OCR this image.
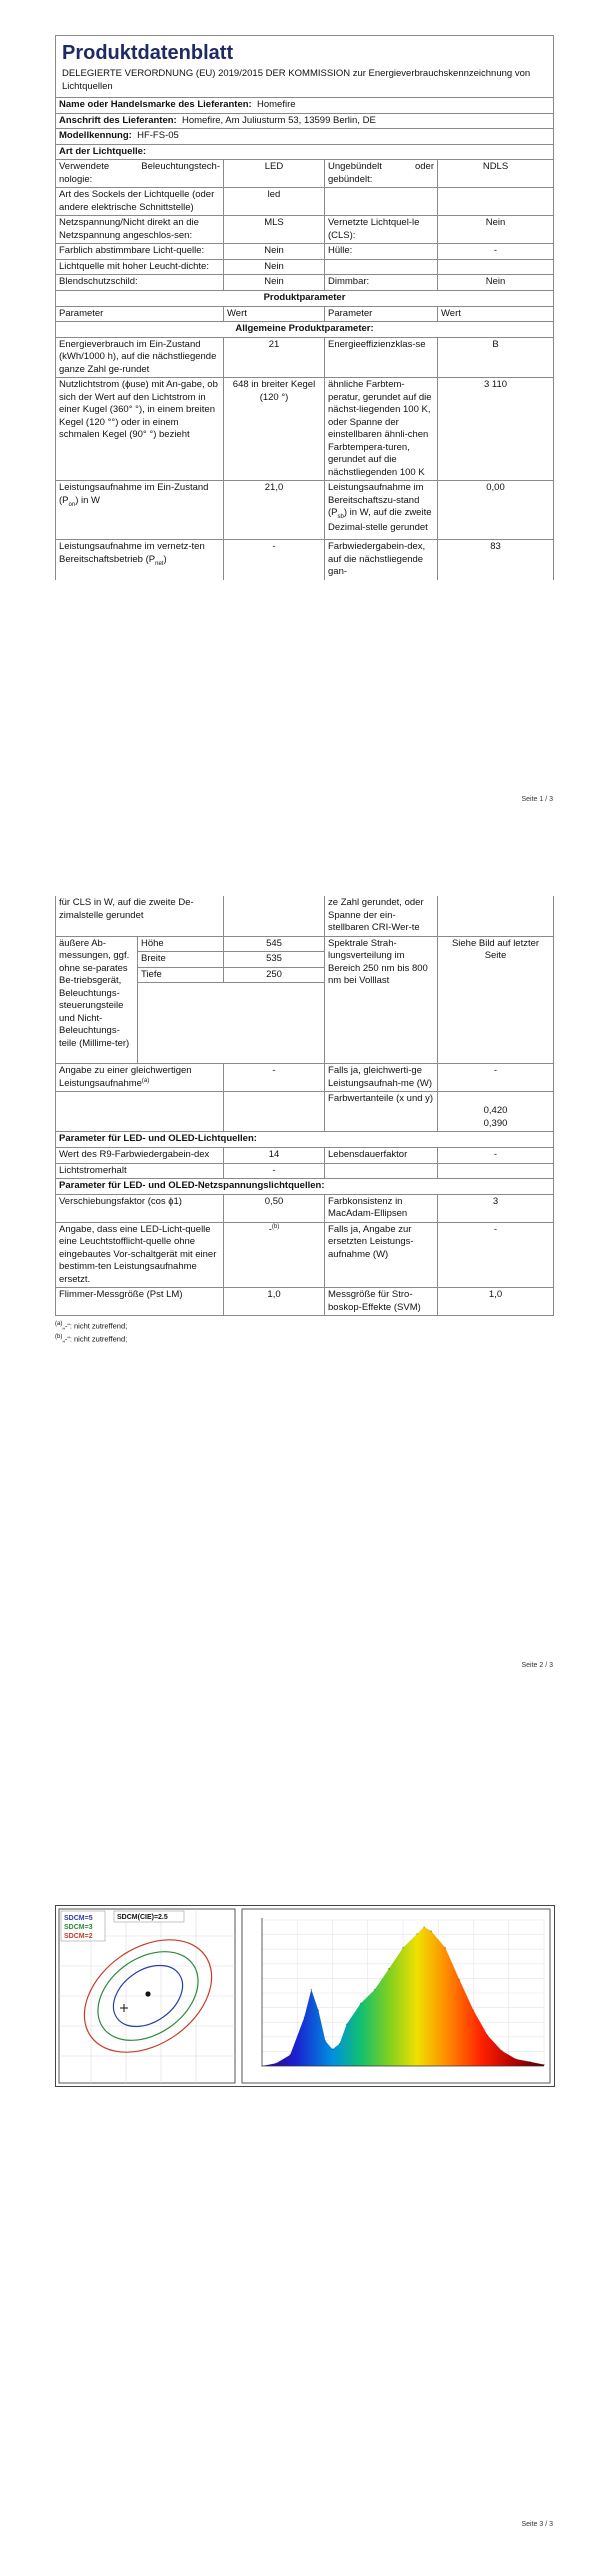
Produktdatenblatt
DELEGIERTE VERORDNUNG (EU) 2019/2015 DER KOMMISSION zur Energieverbrauchskennzeichnung von Lichtquellen			

Name oder Handelsmarke des Lieferanten: Homefire			
Anschrift des Lieferanten: Homefire, Am Juliusturm 53, 13599 Berlin, DE			
Modellkennung: HF-FS-05			
Art der Lichtquelle:			
Verwendete Beleuchtungstech-nologie:	LED	Ungebündelt oder gebündelt:	NDLS
Art des Sockels der Lichtquelle (oder andere elektrische Schnittstelle)	led		
Netzspannung/Nicht direkt an die Netzspannung angeschlos-sen:	MLS	Vernetzte Lichtquel-le (CLS):	Nein
Farblich abstimmbare Licht-quelle:	Nein	Hülle:	-
Lichtquelle mit hoher Leucht-dichte:	Nein		
Blendschutzschild:	Nein	Dimmbar:	Nein
Produktparameter			
Parameter	Wert	Parameter	Wert
Allgemeine Produktparameter:			
Energieverbrauch im Ein-Zustand (kWh/1000 h), auf die nächstliegende ganze Zahl ge-rundet	21	Energieeffizienzklas-se	B
Nutzlichtstrom (ɸuse) mit An-gabe, ob sich der Wert auf den Lichtstrom in einer Kugel (360° °), in einem breiten Kegel (120 °°) oder in einem schmalen Kegel (90° °) bezieht	648 in breiter Kegel (120 °)	ähnliche Farbtem-peratur, gerundet auf die nächst-liegenden 100 K, oder Spanne der einstellbaren ähnli-chen Farbtempera-turen, gerundet auf die nächstliegenden 100 K	3 110
Leistungsaufnahme im Ein-Zustand $(P_{on})$ in W	21,0	Leistungsaufnahme im Bereitschaftszu-stand $(P_{sb})$ in W, auf die zweite Dezimal-stelle gerundet	0,00
Leistungsaufnahme im vernetz-ten Bereitschaftsbetrieb $(P_{net})$	-	Farbwiedergabein-dex, auf die nächstliegende gan-	83
Seite 1 / 3
für CLS in W, auf die zweite De-zimalstelle gerundet			ze Zahl gerundet, oder Spanne der ein-stellbaren CRI-Wer-te	
äußere Ab-messungen, ggf. ohne se-parates Be-triebsgerät, Beleuchtungs-steuerungsteile und Nicht-Beleuchtungs-teile (Millime-ter)	Höhe	545	Spektrale Strah-lungsverteilung im Bereich 250 nm bis 800 nm bei Volllast	Siehe Bild auf letzter Seite
	Breite	535		
	Tiefe	250		

Angabe zu einer gleichwertigen Leistungsaufnahme$^{(a)}$		-	Falls ja, gleichwerti-ge Leistungsaufnah-me (W)	-
			Farbwertanteile (x und y)	0,420
0,390

Parameter für LED- und OLED-Lichtquellen:				
Wert des R9-Farbwiedergabein-dex		14	Lebensdauerfaktor	-
Lichtstromerhalt		-		
Parameter für LED- und OLED-Netzspannungslichtquellen:				
Verschiebungsfaktor (cos ɸ1)		0,50	Farbkonsistenz in MacAdam-Ellipsen	3
Angabe, dass eine LED-Licht-quelle eine Leuchtstofflicht-quelle ohne eingebautes Vor-schaltgerät mit einer bestimm-ten Leistungsaufnahme ersetzt.		-$^{(b)}$	Falls ja, Angabe zur ersetzten Leistungs-aufnahme (W)	-
Flimmer-Messgröße (Pst LM)		1,0	Messgröße für Stro-boskop-Effekte (SVM)	1,0
$^{(a)}$„-“: nicht zutreffend;
$^{(b)}$„-“: nicht zutreffend;
Seite 2 / 3
SDCM=5
SDCM=3
SDCM=2
SDCM(CIE)=2.5
Seite 3 / 3
